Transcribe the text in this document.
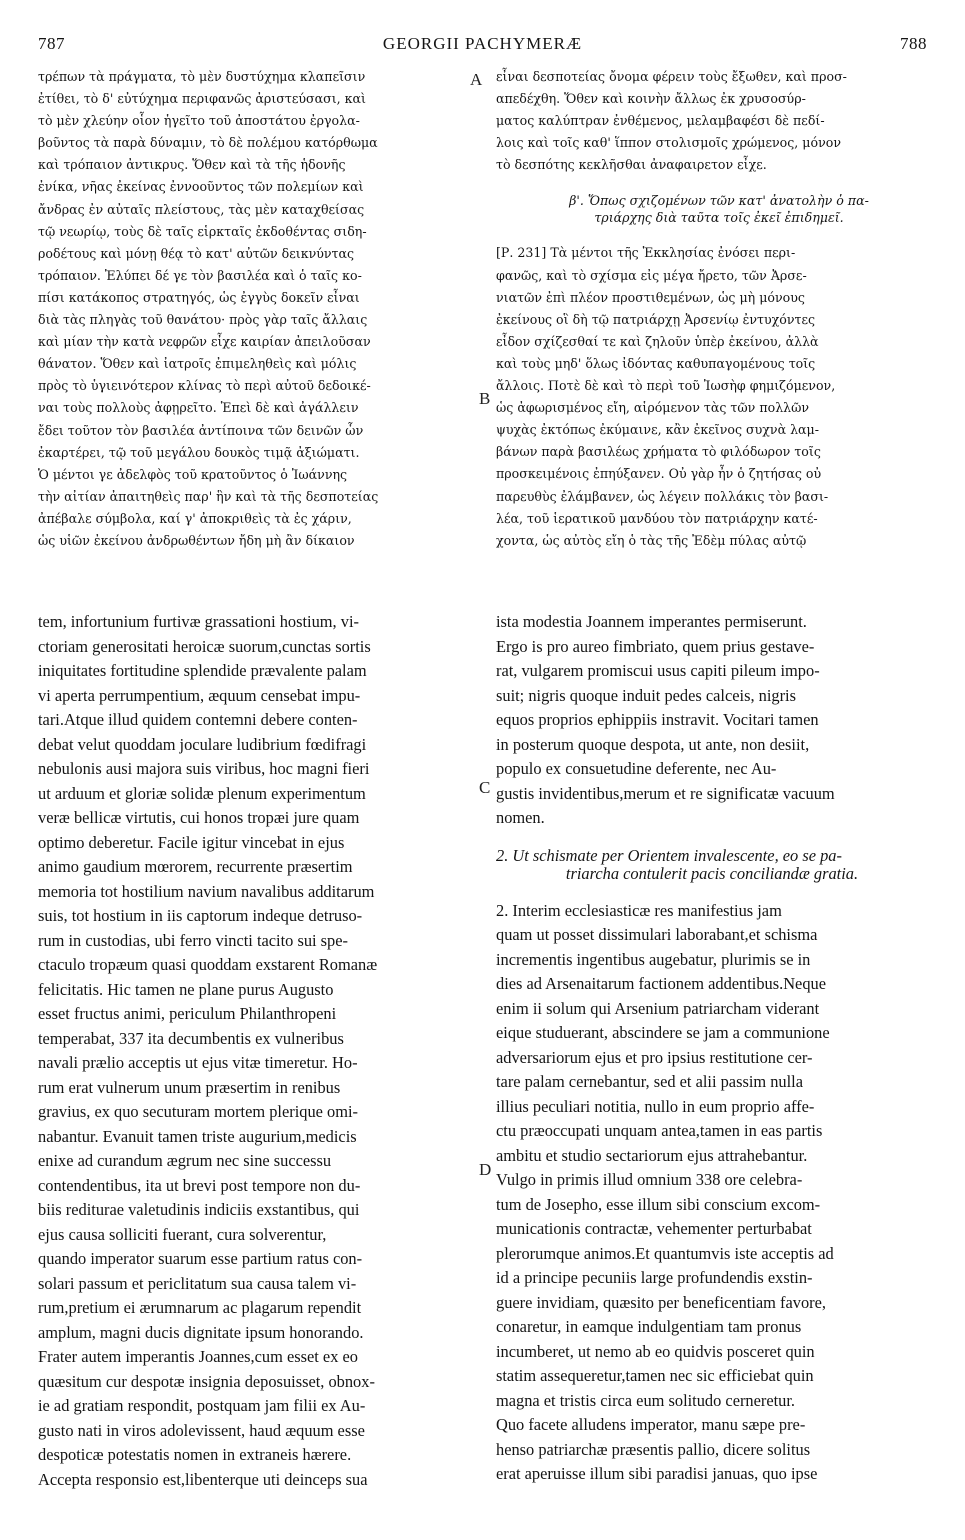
787	GEORGII PACHYMERÆ	788
A
B
C
D
τρέπων τὰ πράγματα, τὸ μὲν δυστύχημα κλαπεῖσιν
ἐτίθει, τὸ δ' εὐτύχημα περιφανῶς ἀριστεύσασι, καὶ
τὸ μὲν χλεύην οἷον ἡγεῖτο τοῦ ἀποστάτου ἐργολα-
βοῦντος τὰ παρὰ δύναμιν, τὸ δὲ πολέμου κατόρθωμα
καὶ τρόπαιον ἀντικρυς. Ὅθεν καὶ τὰ τῆς ἡδονῆς
ἐνίκα, νῆας ἐκείνας ἐννοοῦντος τῶν πολεμίων καὶ
ἄνδρας ἐν αὐταῖς πλείστους, τὰς μὲν καταχθείσας
τῷ νεωρίῳ, τοὺς δὲ ταῖς εἱρκταῖς ἐκδοθέντας σιδη-
ροδέτους καὶ μόνῃ θέᾳ τὸ κατ' αὐτῶν δεικνύντας
τρόπαιον. Ἐλύπει δέ γε τὸν βασιλέα καὶ ὁ ταῖς κο-
πίσι κατάκοπος στρατηγός, ὡς ἐγγὺς δοκεῖν εἶναι
διὰ τὰς πληγὰς τοῦ θανάτου· πρὸς γὰρ ταῖς ἄλλαις
καὶ μίαν τὴν κατὰ νεφρῶν εἶχε καιρίαν ἀπειλοῦσαν
θάνατον. Ὅθεν καὶ ἰατροῖς ἐπιμεληθεὶς καὶ μόλις
πρὸς τὸ ὑγιεινότερον κλίνας τὸ περὶ αὐτοῦ δεδοικέ-
ναι τοὺς πολλοὺς ἀφῃρεῖτο. Ἐπεὶ δὲ καὶ ἀγάλλειν
ἔδει τοῦτον τὸν βασιλέα ἀντίποινα τῶν δεινῶν ὧν
ἐκαρτέρει, τῷ τοῦ μεγάλου δουκὸς τιμᾷ ἀξιώματι.
Ὁ μέντοι γε ἀδελφὸς τοῦ κρατοῦντος ὁ Ἰωάννης
τὴν αἰτίαν ἀπαιτηθεὶς παρ' ἣν καὶ τὰ τῆς δεσποτείας
ἀπέβαλε σύμβολα, καί γ' ἀποκριθεὶς τὰ ἐς χάριν,
ὡς υἱῶν ἐκείνου ἀνδρωθέντων ἤδη μὴ ἂν δίκαιον
εἶναι δεσποτείας ὄνομα φέρειν τοὺς ἔξωθεν, καὶ προσ-
απεδέχθη. Ὅθεν καὶ κοινὴν ἄλλως ἐκ χρυσοσύρ-
ματος καλύπτραν ἐνθέμενος, μελαμβαφέσι δὲ πεδί-
λοις καὶ τοῖς καθ' ἵππον στολισμοῖς χρώμενος, μόνον
τὸ δεσπότης κεκλῆσθαι ἀναφαιρετον εἶχε.
β'. Ὅπως σχιζομένων τῶν κατ' ἀνατολὴν ὁ πα-
τριάρχης διὰ ταῦτα τοῖς ἐκεῖ ἐπιδημεῖ.
[Ρ. 231] Τὰ μέντοι τῆς Ἐκκλησίας ἐνόσει περι-
φανῶς, καὶ τὸ σχίσμα εἰς μέγα ἤρετο, τῶν Ἀρσε-
νιατῶν ἐπὶ πλέον προστιθεμένων, ὡς μὴ μόνους
ἐκείνους οἳ δὴ τῷ πατριάρχῃ Ἀρσενίῳ ἐντυχόντες
εἶδον σχίζεσθαί τε καὶ ζηλοῦν ὑπὲρ ἐκείνου, ἀλλὰ
καὶ τοὺς μηδ' ὅλως ἰδόντας καθυπαγομένους τοῖς
ἄλλοις. Ποτὲ δὲ καὶ τὸ περὶ τοῦ Ἰωσὴφ φημιζόμενον,
ὡς ἀφωρισμένος εἴη, αἱρόμενον τὰς τῶν πολλῶν
ψυχὰς ἐκτόπως ἐκύμαινε, κἂν ἐκεῖνος συχνὰ λαμ-
βάνων παρὰ βασιλέως χρήματα τὸ φιλόδωρον τοῖς
προσκειμένοις ἐπηύξανεν. Οὐ γὰρ ἦν ὁ ζητήσας οὐ
παρευθὺς ἐλάμβανεν, ὡς λέγειν πολλάκις τὸν βασι-
λέα, τοῦ ἱερατικοῦ μανδύου τὸν πατριάρχην κατέ-
χοντα, ὡς αὐτὸς εἴη ὁ τὰς τῆς Ἐδὲμ πύλας αὐτῷ
tem, infortunium furtivæ grassationi hostium, vi-
ctoriam generositati heroicæ suorum,cunctas sortis
iniquitates fortitudine splendide prævalente palam
vi aperta perrumpentium, æquum censebat impu-
tari.Atque illud quidem contemni debere conten-
debat velut quoddam joculare ludibrium fœdifragi
nebulonis ausi majora suis viribus, hoc magni fieri
ut arduum et gloriæ solidæ plenum experimentum
veræ bellicæ virtutis, cui honos tropæi jure quam
optimo deberetur. Facile igitur vincebat in ejus
animo gaudium mœrorem, recurrente præsertim
memoria tot hostilium navium navalibus additarum
suis, tot hostium in iis captorum indeque detruso-
rum in custodias, ubi ferro vincti tacito sui spe-
ctaculo tropæum quasi quoddam exstarent Romanæ
felicitatis. Hic tamen ne plane purus Augusto
esset fructus animi, periculum Philanthropeni
temperabat, 337 ita decumbentis ex vulneribus
navali prælio acceptis ut ejus vitæ timeretur. Ho-
rum erat vulnerum unum præsertim in renibus
gravius, ex quo secuturam mortem plerique omi-
nabantur. Evanuit tamen triste augurium,medicis
enixe ad curandum ægrum nec sine successu
contendentibus, ita ut brevi post tempore non du-
biis rediturae valetudinis indiciis exstantibus, qui
ejus causa solliciti fuerant, cura solverentur,
quando imperator suarum esse partium ratus con-
solari passum et periclitatum sua causa talem vi-
rum,pretium ei ærumnarum ac plagarum rependit
amplum, magni ducis dignitate ipsum honorando.
Frater autem imperantis Joannes,cum esset ex eo
quæsitum cur despotæ insignia deposuisset, obnox-
ie ad gratiam respondit, postquam jam filii ex Au-
gusto nati in viros adolevissent, haud æquum esse
despoticæ potestatis nomen in extraneis hærere.
Accepta responsio est,libenterque uti deinceps sua
ista modestia Joannem imperantes permiserunt.
Ergo is pro aureo fimbriato, quem prius gestave-
rat, vulgarem promiscui usus capiti pileum impo-
suit; nigris quoque induit pedes calceis, nigris
equos proprios ephippiis instravit. Vocitari tamen
in posterum quoque despota, ut ante, non desiit,
populo ex consuetudine deferente, nec Au-
gustis invidentibus,merum et re significatæ vacuum
nomen.
2. Ut schismate per Orientem invalescente, eo se pa-
triarcha contulerit pacis conciliandæ gratia.
2. Interim ecclesiasticæ res manifestius jam
quam ut posset dissimulari laborabant,et schisma
incrementis ingentibus augebatur, plurimis se in
dies ad Arsenaitarum factionem addentibus.Neque
enim ii solum qui Arsenium patriarcham viderant
eique studuerant, abscindere se jam a communione
adversariorum ejus et pro ipsius restitutione cer-
tare palam cernebantur, sed et alii passim nulla
illius peculiari notitia, nullo in eum proprio affe-
ctu præoccupati unquam antea,tamen in eas partis
ambitu et studio sectariorum ejus attrahebantur.
Vulgo in primis illud omnium 338 ore celebra-
tum de Josepho, esse illum sibi conscium excom-
municationis contractæ, vehementer perturbabat
plerorumque animos.Et quantumvis iste acceptis ad
id a principe pecuniis large profundendis exstin-
guere invidiam, quæsito per beneficentiam favore,
conaretur, in eamque indulgentiam tam pronus
incumberet, ut nemo ab eo quidvis posceret quin
statim assequeretur,tamen nec sic efficiebat quin
magna et tristis circa eum solitudo cerneretur.
Quo facete alludens imperator, manu sæpe pre-
henso patriarchæ præsentis pallio, dicere solitus
erat aperuisse illum sibi paradisi januas, quo ipse
